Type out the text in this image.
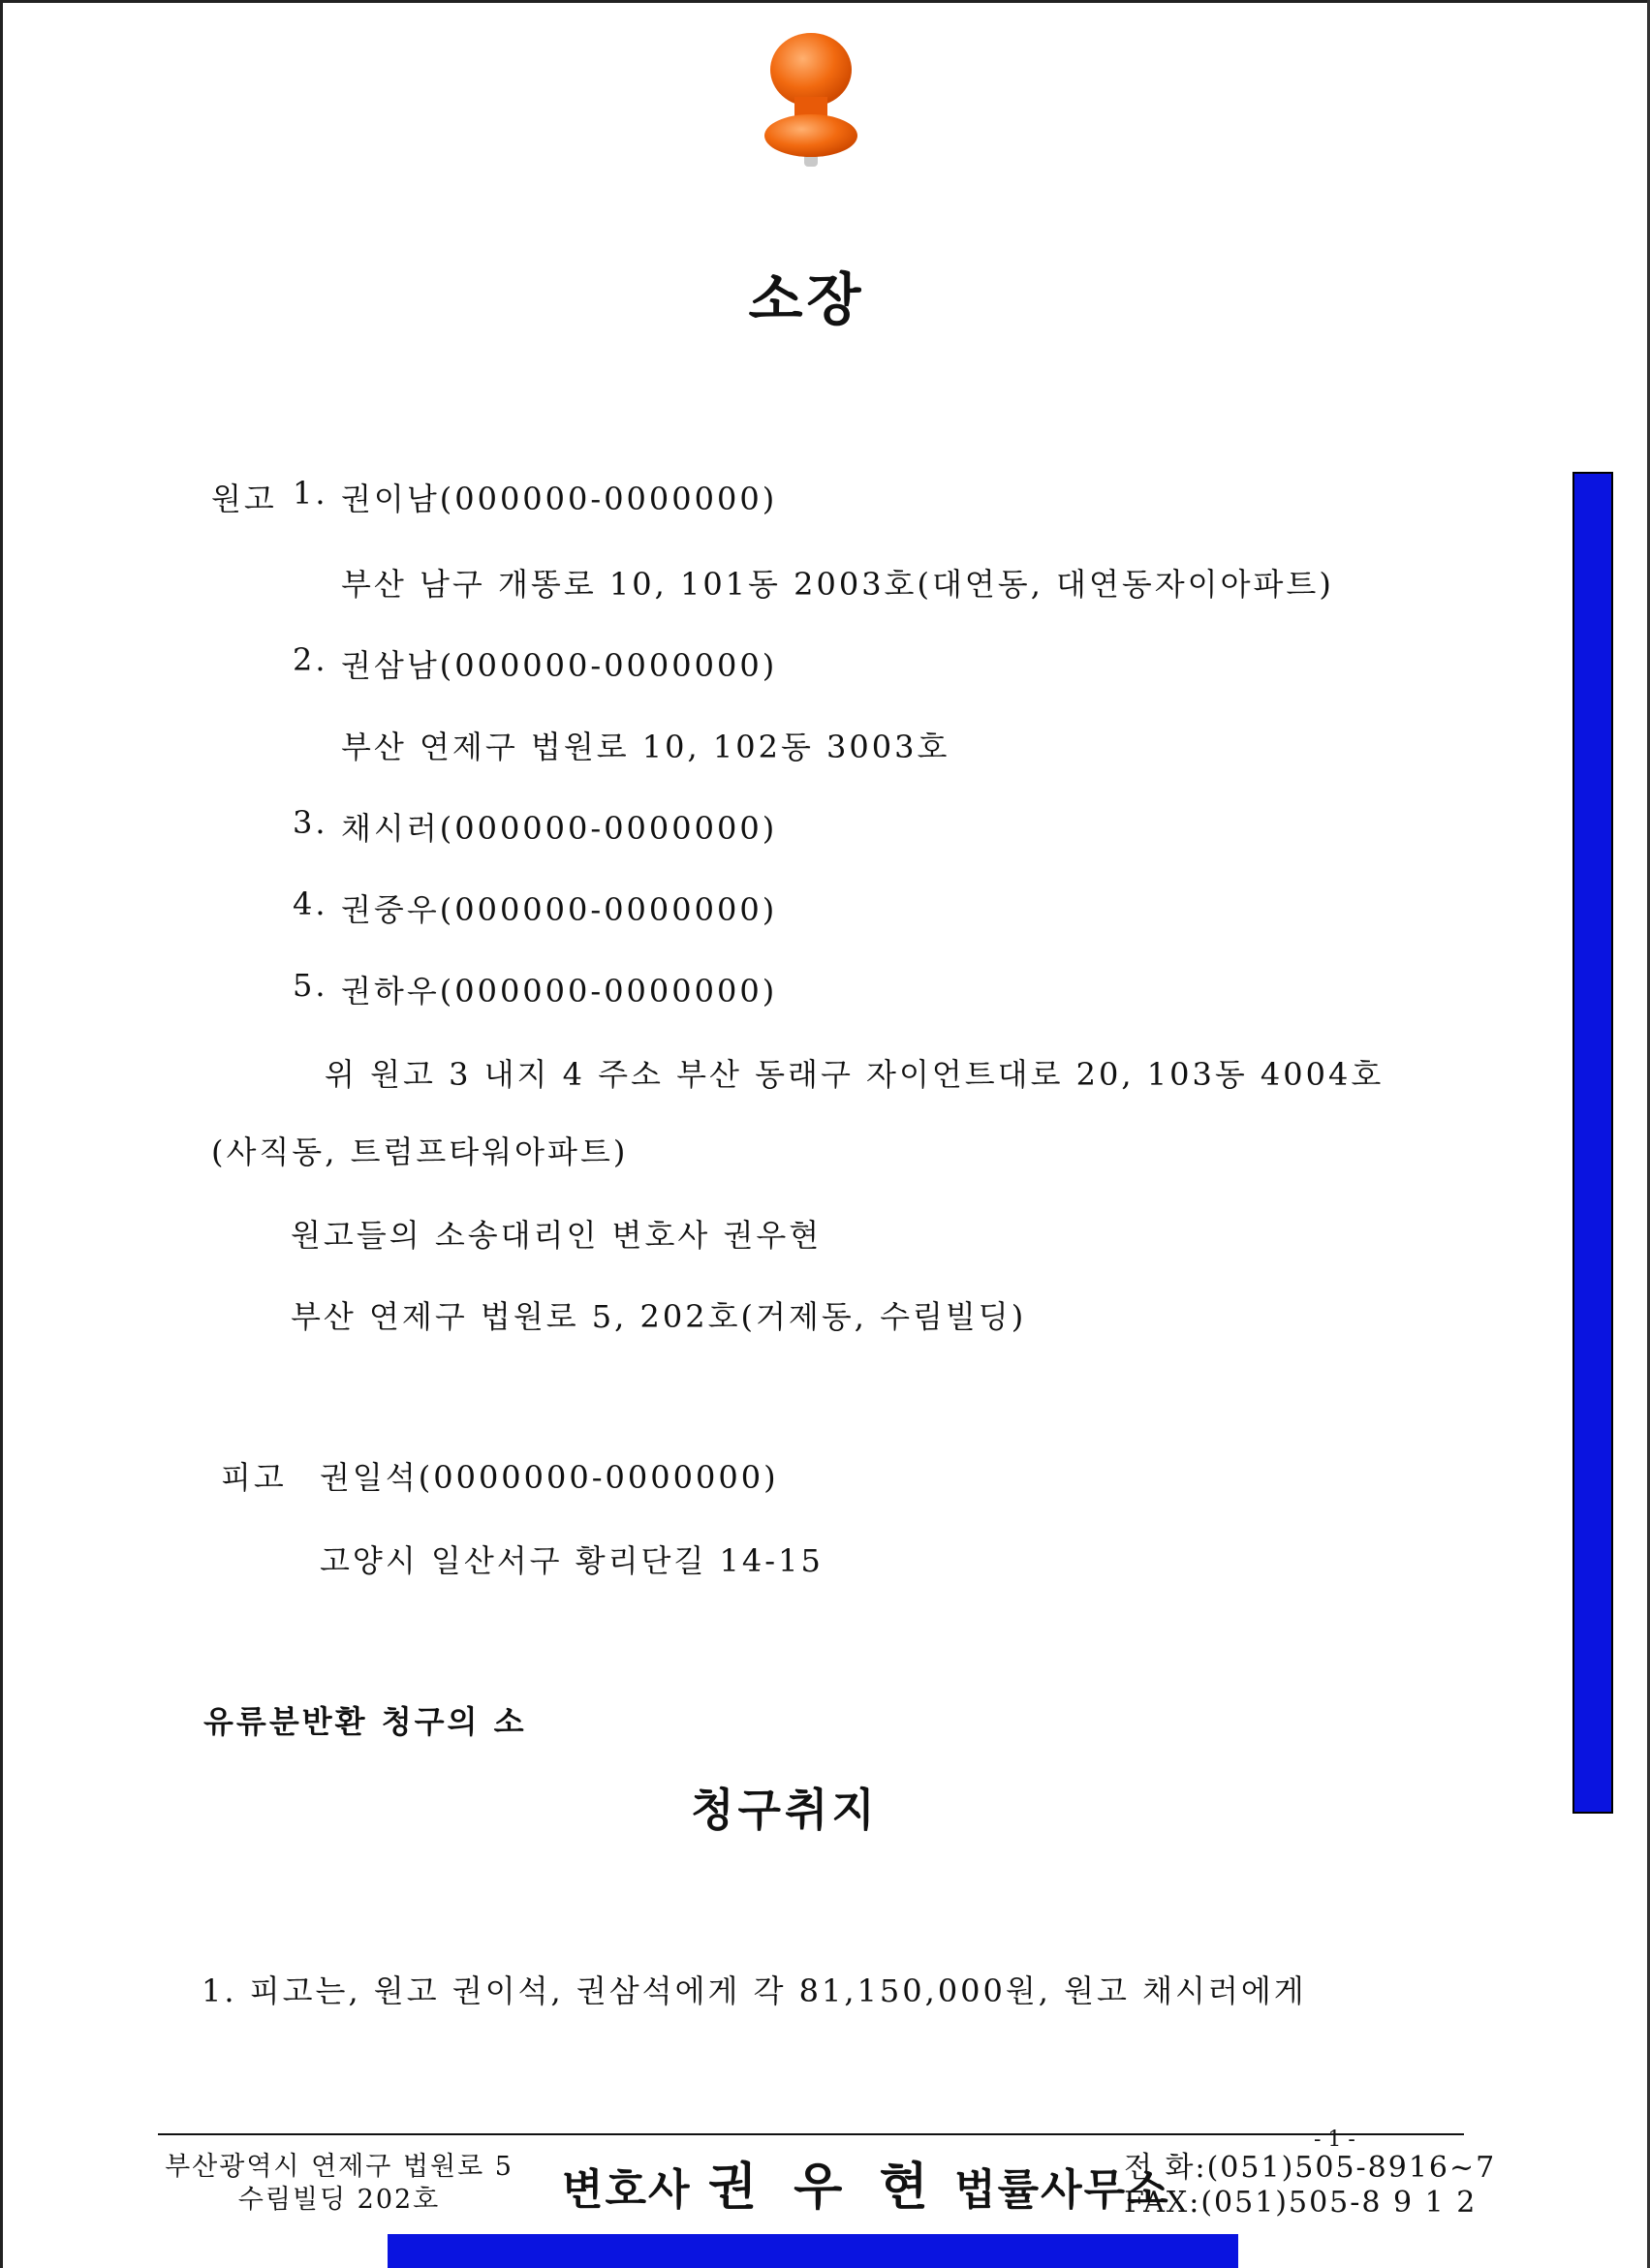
소장
원고 1. 권이남(000000-0000000)
부산 남구 개똥로 10, 101동 2003호(대연동, 대연동자이아파트)
2. 권삼남(000000-0000000)
부산 연제구 법원로 10, 102동 3003호
3. 채시러(000000-0000000)
4. 권중우(000000-0000000)
5. 권하우(000000-0000000)
위 원고 3 내지 4 주소 부산 동래구 자이언트대로 20, 103동 4004호
(사직동, 트럼프타워아파트)
원고들의 소송대리인 변호사 권우현
부산 연제구 법원로 5, 202호(거제동, 수림빌딩)
피고 권일석(0000000-0000000)
고양시 일산서구 황리단길 14-15
유류분반환 청구의 소
청구취지
1. 피고는, 원고 권이석, 권삼석에게 각 81,150,000원, 원고 채시러에게
- 1 -
부산광역시 연제구 법원로 5
수림빌딩 202호	변호사 권 우 현 법률사무소
전 화:(051)505-8916~7
FAX:(051)505-8 9 1 2
